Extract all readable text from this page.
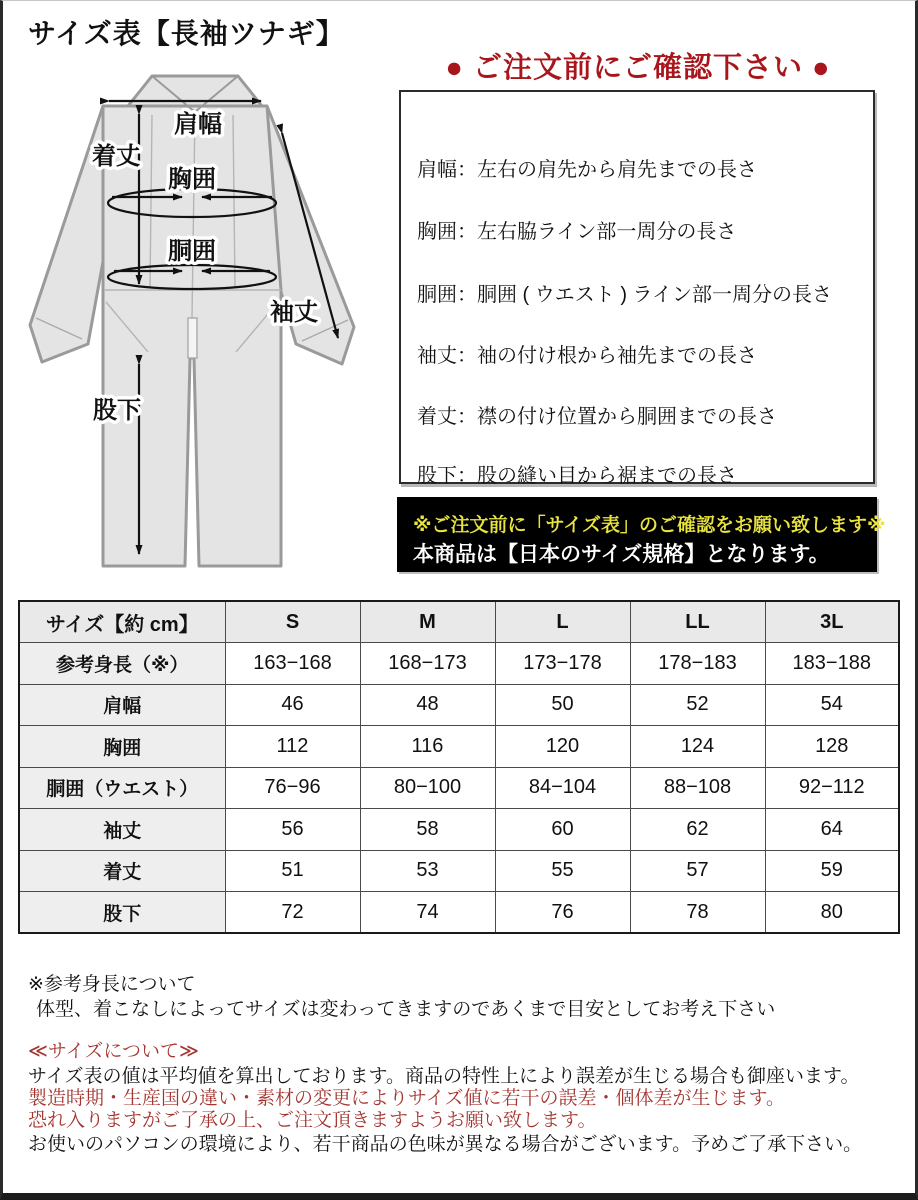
サイズ表【長袖ツナギ】
● ご注文前にご確認下さい ●
肩幅
着丈
胸囲
胴囲
袖丈
股下
肩幅：左右の肩先から肩先までの長さ
胸囲：左右脇ライン部一周分の長さ
胴囲：胴囲 ( ウエスト ) ライン部一周分の長さ
袖丈：袖の付け根から袖先までの長さ
着丈：襟の付け位置から胴囲までの長さ
股下：股の縫い目から裾までの長さ
※ご注文前に「サイズ表」のご確認をお願い致します※
本商品は【日本のサイズ規格】となります。
サイズ【約 cm】	S	M	L	LL	3L
参考身長（※）	163−168	168−173	173−178	178−183	183−188
肩幅	46	48	50	52	54
胸囲	112	116	120	124	128
胴囲（ウエスト）	76−96	80−100	84−104	88−108	92−112
袖丈	56	58	60	62	64
着丈	51	53	55	57	59
股下	72	74	76	78	80
※参考身長について
体型、着こなしによってサイズは変わってきますのであくまで目安としてお考え下さい
≪サイズについて≫
サイズ表の値は平均値を算出しております。商品の特性上により誤差が生じる場合も御座います。
製造時期・生産国の違い・素材の変更によりサイズ値に若干の誤差・個体差が生じます。
恐れ入りますがご了承の上、ご注文頂きますようお願い致します。
お使いのパソコンの環境により、若干商品の色味が異なる場合がございます。予めご了承下さい。
